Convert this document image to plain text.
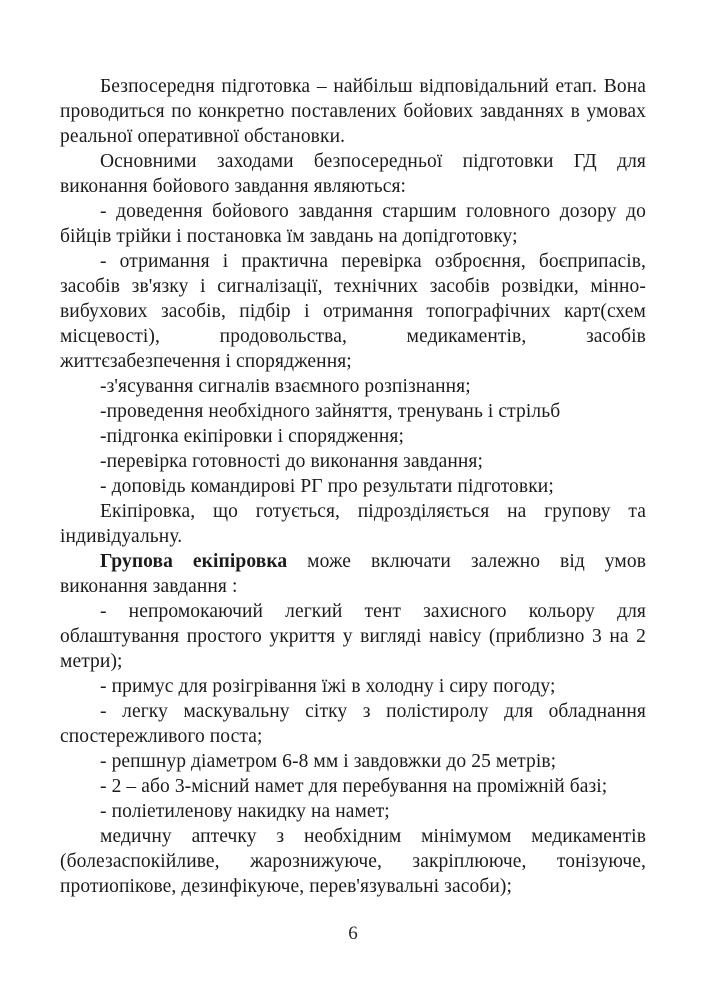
Безпосередня підготовка – найбільш відповідальний етап. Вона проводиться по конкретно поставлених бойових завданнях в умовах реальної оперативної обстановки.

Основними заходами безпосередньої підготовки ГД для виконання бойового завдання являються:

- доведення бойового завдання старшим головного дозору до бійців трійки і постановка їм завдань на допідготовку;

- отримання і практична перевірка озброєння, боєприпасів, засобів зв'язку і сигналізації, технічних засобів розвідки, мінно-вибухових засобів, підбір і отримання топографічних карт(схем місцевості), продовольства, медикаментів, засобів життєзабезпечення і спорядження;

-з'ясування сигналів взаємного розпізнання;

-проведення необхідного зайняття, тренувань і стрільб

-підгонка екіпіровки і спорядження;

-перевірка готовності до виконання завдання;

- доповідь командирові РГ про результати підготовки;

Екіпіровка, що готується, підрозділяється на групову та індивідуальну.

Групова екіпіровка може включати залежно від умов виконання завдання :

- непромокаючий легкий тент захисного кольору для облаштування простого укриття у вигляді навісу (приблизно 3 на 2 метри);

- примус для розігрівання їжі в холодну і сиру погоду;

- легку маскувальну сітку з полістиролу для обладнання спостережливого поста;

- репшнур діаметром 6-8 мм і завдовжки до 25 метрів;

- 2 – або 3-місний намет для перебування на проміжній базі;

- поліетиленову накидку на намет;

медичну аптечку з необхідним мінімумом медикаментів (болезаспокійливе, жарознижуюче, закріплююче, тонізуюче, протиопікове, дезинфікуюче, перев'язувальні засоби);

6
